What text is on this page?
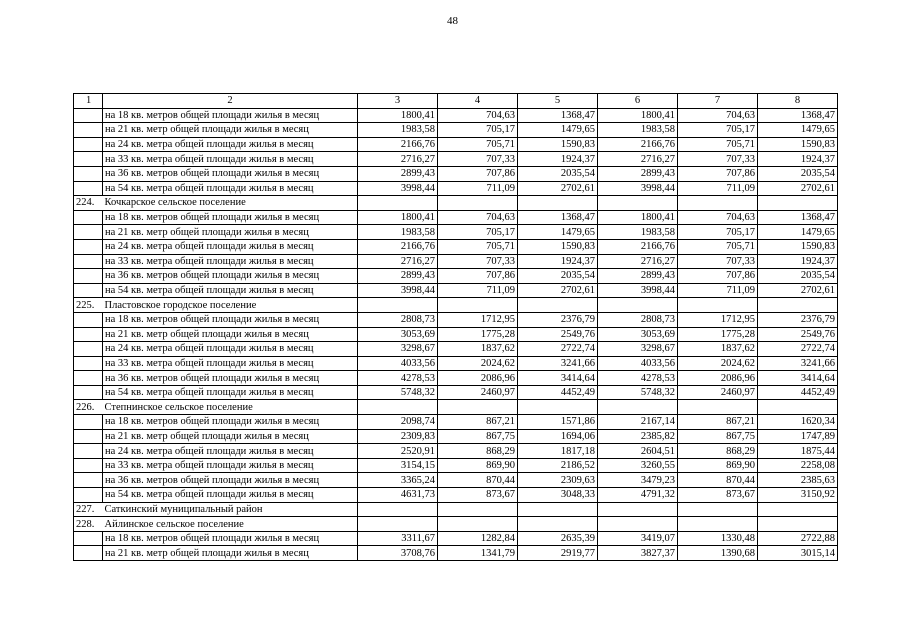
48
1	2	3	4	5	6	7	8
	на 18 кв. метров общей площади жилья в месяц	1800,41	704,63	1368,47	1800,41	704,63	1368,47
	на 21 кв. метр общей площади жилья в месяц	1983,58	705,17	1479,65	1983,58	705,17	1479,65
	на 24 кв. метра общей площади жилья в месяц	2166,76	705,71	1590,83	2166,76	705,71	1590,83
	на 33 кв. метра общей площади жилья в месяц	2716,27	707,33	1924,37	2716,27	707,33	1924,37
	на 36 кв. метров общей площади жилья в месяц	2899,43	707,86	2035,54	2899,43	707,86	2035,54
	на 54 кв. метра общей площади жилья в месяц	3998,44	711,09	2702,61	3998,44	711,09	2702,61
224.	Кочкарское сельское поселение						
	на 18 кв. метров общей площади жилья в месяц	1800,41	704,63	1368,47	1800,41	704,63	1368,47
	на 21 кв. метр общей площади жилья в месяц	1983,58	705,17	1479,65	1983,58	705,17	1479,65
	на 24 кв. метра общей площади жилья в месяц	2166,76	705,71	1590,83	2166,76	705,71	1590,83
	на 33 кв. метра общей площади жилья в месяц	2716,27	707,33	1924,37	2716,27	707,33	1924,37
	на 36 кв. метров общей площади жилья в месяц	2899,43	707,86	2035,54	2899,43	707,86	2035,54
	на 54 кв. метра общей площади жилья в месяц	3998,44	711,09	2702,61	3998,44	711,09	2702,61
225.	Пластовское городское поселение						
	на 18 кв. метров общей площади жилья в месяц	2808,73	1712,95	2376,79	2808,73	1712,95	2376,79
	на 21 кв. метр общей площади жилья в месяц	3053,69	1775,28	2549,76	3053,69	1775,28	2549,76
	на 24 кв. метра общей площади жилья в месяц	3298,67	1837,62	2722,74	3298,67	1837,62	2722,74
	на 33 кв. метра общей площади жилья в месяц	4033,56	2024,62	3241,66	4033,56	2024,62	3241,66
	на 36 кв. метров общей площади жилья в месяц	4278,53	2086,96	3414,64	4278,53	2086,96	3414,64
	на 54 кв. метра общей площади жилья в месяц	5748,32	2460,97	4452,49	5748,32	2460,97	4452,49
226.	Степнинское сельское поселение						
	на 18 кв. метров общей площади жилья в месяц	2098,74	867,21	1571,86	2167,14	867,21	1620,34
	на 21 кв. метр общей площади жилья в месяц	2309,83	867,75	1694,06	2385,82	867,75	1747,89
	на 24 кв. метра общей площади жилья в месяц	2520,91	868,29	1817,18	2604,51	868,29	1875,44
	на 33 кв. метра общей площади жилья в месяц	3154,15	869,90	2186,52	3260,55	869,90	2258,08
	на 36 кв. метров общей площади жилья в месяц	3365,24	870,44	2309,63	3479,23	870,44	2385,63
	на 54 кв. метра общей площади жилья в месяц	4631,73	873,67	3048,33	4791,32	873,67	3150,92
227.	Саткинский муниципальный район						
228.	Айлинское сельское поселение						
	на 18 кв. метров общей площади жилья в месяц	3311,67	1282,84	2635,39	3419,07	1330,48	2722,88
	на 21 кв. метр общей площади жилья в месяц	3708,76	1341,79	2919,77	3827,37	1390,68	3015,14
